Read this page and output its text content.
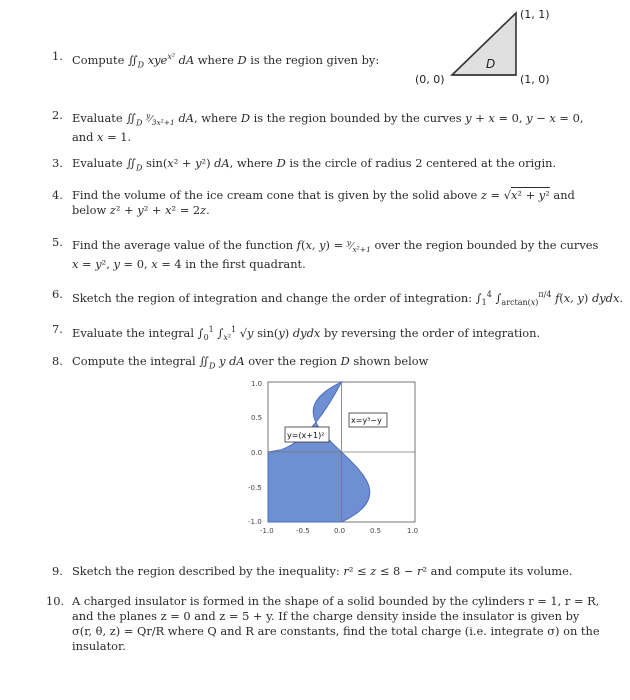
D
(1, 1)
(0, 0)	(1, 0)
1. Compute $∬_D$ xye$^{x^2}$ dA where D is the region given by:
2. Evaluate $∬_D$ $^y⁄_{3x^2+1}$ dA, where D is the region bounded by the curves y + x = 0, y − x = 0,
and x = 1.
3. Evaluate $∬_D$ sin(x² + y²) dA, where D is the circle of radius 2 centered at the origin.
4. Find the volume of the ice cream cone that is given by the solid above z = √x² + y² and
below z² + y² + x² = 2z.
5. Find the average value of the function f(x, $y) = ^y⁄_{x^2+1}$ over the region bounded by the curves
x = y², y = 0, x = 4 in the first quadrant.
6. Sketch the region of integration and change the order of integration: $\int_1^4$ $\int_{arctan(x)}^{\pi/4}$ f(x, y) dydx.
7. Evaluate the integral $\int_0^1$ $\int_{x^2}^1$ √y sin(y) dydx by reversing the order of integration.
8. Compute the integral $∬_D$ y dA over the region D shown below
y=(x+1)²
x=y³−y
1.0
0.5
0.0
-0.5
-1.0
-1.0	-0.5	0.0	0.5	1.0
9. Sketch the region described by the inequality: r² ≤ z ≤ 8 − r² and compute its volume.
10. A charged insulator is formed in the shape of a solid bounded by the cylinders r = 1, r = R,
and the planes z = 0 and z = 5 + y. If the charge density inside the insulator is given by
σ(r, θ, z) = Qr/R where Q and R are constants, find the total charge (i.e. integrate σ) on the
insulator.
